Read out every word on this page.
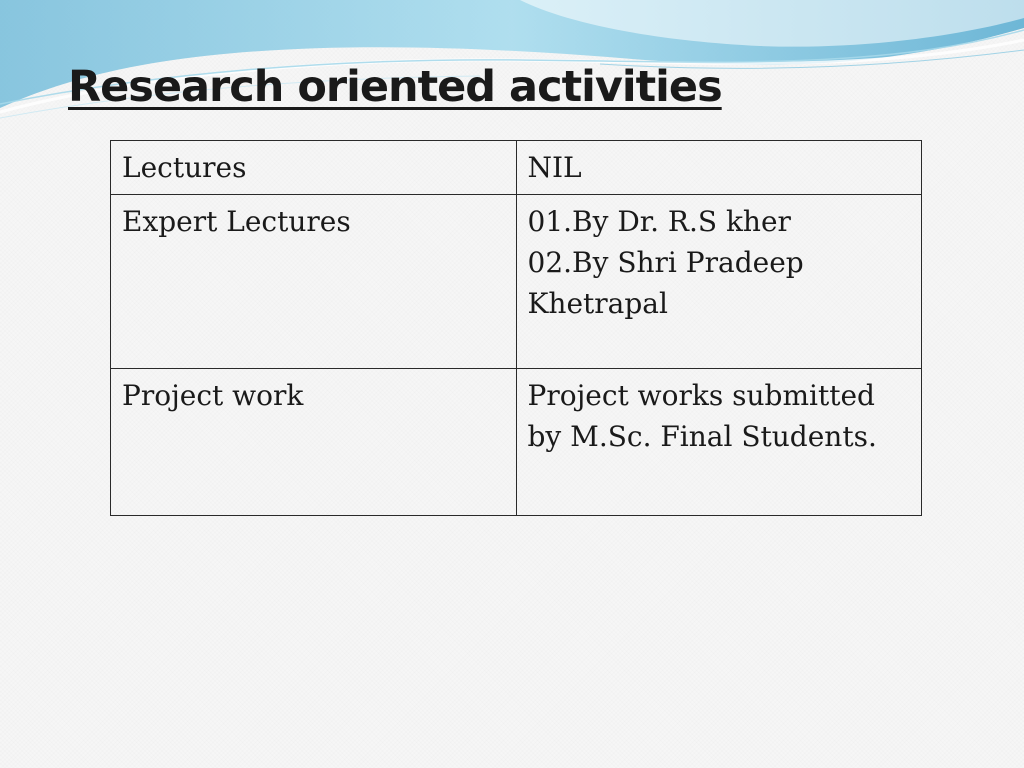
Research oriented activities
Lectures	NIL

Expert Lectures	01.By Dr. R.S kher
02.By Shri Pradeep
Khetrapal

Project work	Project works submitted
by M.Sc. Final Students.
